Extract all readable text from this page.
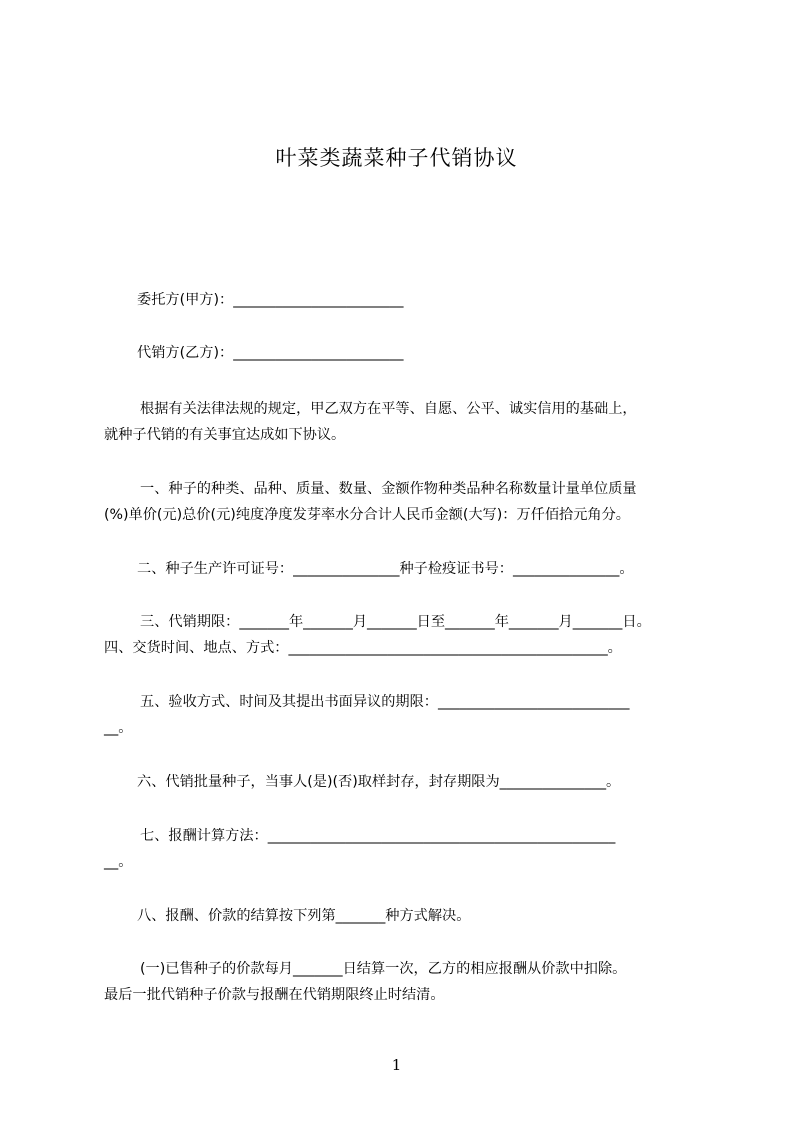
叶菜类蔬菜种子代销协议
委托方(甲方)：________________________
代销方(乙方)：________________________
根据有关法律法规的规定，甲乙双方在平等、自愿、公平、诚实信用的基础上，
就种子代销的有关事宜达成如下协议。
一、种子的种类、品种、质量、数量、金额作物种类品种名称数量计量单位质量
(%)单价(元)总价(元)纯度净度发芽率水分合计人民币金额(大写)：万仟佰拾元角分。
二、种子生产许可证号：_______________种子检疫证书号：_______________。
三、代销期限：_______年_______月_______日至_______年_______月_______日。
四、交货时间、地点、方式：_____________________________________________。
五、验收方式、时间及其提出书面异议的期限：___________________________
__。
六、代销批量种子，当事人(是)(否)取样封存，封存期限为_______________。
七、报酬计算方法：_________________________________________________
__。
八、报酬、价款的结算按下列第_______种方式解决。
(一)已售种子的价款每月_______日结算一次，乙方的相应报酬从价款中扣除。
最后一批代销种子价款与报酬在代销期限终止时结清。
1
